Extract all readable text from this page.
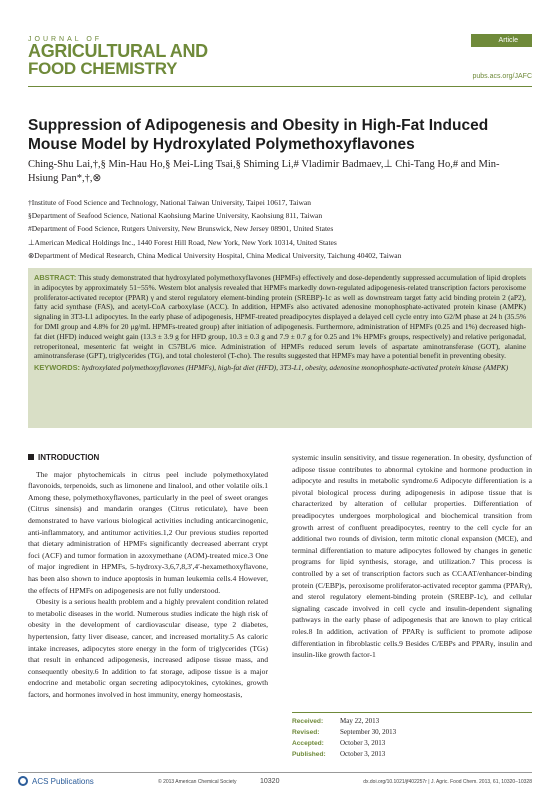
JOURNAL OF
AGRICULTURAL AND
FOOD CHEMISTRY
Article
pubs.acs.org/JAFC
Suppression of Adipogenesis and Obesity in High-Fat Induced Mouse Model by Hydroxylated Polymethoxyflavones
Ching-Shu Lai,†,§ Min-Hau Ho,§ Mei-Ling Tsai,§ Shiming Li,# Vladimir Badmaev,⊥ Chi-Tang Ho,# and Min-Hsiung Pan*,†,⊗
†Institute of Food Science and Technology, National Taiwan University, Taipei 10617, Taiwan
§Department of Seafood Science, National Kaohsiung Marine University, Kaohsiung 811, Taiwan
#Department of Food Science, Rutgers University, New Brunswick, New Jersey 08901, United States
⊥American Medical Holdings Inc., 1440 Forest Hill Road, New York, New York 10314, United States
⊗Department of Medical Research, China Medical University Hospital, China Medical University, Taichung 40402, Taiwan
ABSTRACT: This study demonstrated that hydroxylated polymethoxyflavones (HPMFs) effectively and dose-dependently suppressed accumulation of lipid droplets in adipocytes by approximately 51−55%. Western blot analysis revealed that HPMFs markedly down-regulated adipogenesis-related transcription factors peroxisome proliferator-activated receptor (PPAR) γ and sterol regulatory element-binding protein (SREBP)-1c as well as downstream target fatty acid binding protein 2 (aP2), fatty acid synthase (FAS), and acetyl-CoA carboxylase (ACC). In addition, HPMFs also activated adenosine monophosphate-activated protein kinase (AMPK) signaling in 3T3-L1 adipocytes. In the early phase of adipogenesis, HPMF-treated preadipocytes displayed a delayed cell cycle entry into G2/M phase at 24 h (35.5% for DMI group and 4.8% for 20 μg/mL HPMFs-treated group) after initiation of adipogenesis. Furthermore, administration of HPMFs (0.25 and 1%) decreased high-fat diet (HFD) induced weight gain (13.3 ± 3.9 g for HFD group, 10.3 ± 0.3 g and 7.9 ± 0.7 g for 0.25 and 1% HPMFs groups, respectively) and relative perigonadal, retroperitoneal, mesenteric fat weight in C57BL/6 mice. Administration of HPMFs reduced serum levels of aspartate aminotransferase (GOT), alanine aminotransferase (GPT), triglycerides (TG), and total cholesterol (T-cho). The results suggested that HPMFs may have a potential benefit in preventing obesity.
KEYWORDS: hydroxylated polymethoxyflavones (HPMFs), high-fat diet (HFD), 3T3-L1, obesity, adenosine monophosphate-activated protein kinase (AMPK)
INTRODUCTION

The major phytochemicals in citrus peel include polymethoxylated flavonoids, terpenoids, such as limonene and linalool, and other volatile oils.1 Among these, polymethoxyflavones, particularly in the peel of sweet oranges (Citrus sinensis) and mandarin oranges (Citrus reticulate), have been demonstrated to have various biological activities including anticarcinogenic, anti-inflammatory, and antitumor activities.1,2 Our previous studies reported that dietary administration of HPMFs significantly decreased aberrant crypt foci (ACF) and tumor formation in azoxymethane (AOM)-treated mice.3 One of major ingredient in HPMFs, 5-hydroxy-3,6,7,8,3′,4′-hexamethoxyflavone, has been also shown to induce apoptosis in human leukemia cells.4 However, the effects of HPMFs on adipogenesis are not fully understood.

Obesity is a serious health problem and a highly prevalent condition related to metabolic diseases in the world. Numerous studies indicate the high risk of obesity in the development of cardiovascular disease, type 2 diabetes, hypertension, fatty liver disease, cancer, and increased mortality.5 As caloric intake increases, adipocytes store energy in the form of triglycerides (TGs) that result in enhanced adipogenesis, increased adipose tissue mass, and consequently obesity.6 In addition to fat storage, adipose tissue is a major endocrine and metabolic organ secreting adipocytokines, cytokines, growth factors, and hormones involved in host immunity, energy homeostasis,

systemic insulin sensitivity, and tissue regeneration. In obesity, dysfunction of adipose tissue contributes to abnormal cytokine and hormone production in adipocyte and results in metabolic syndrome.6 Adipocyte differentiation is a pivotal biological process during adipogenesis in adipose tissue that is characterized by alteration of cellular properties. Differentiation of preadipocytes undergoes morphological and biochemical transition from growth arrest of confluent preadipocytes, reentry to the cell cycle for an additional two rounds of division, term mitotic clonal expansion (MCE), and terminal differentiation to mature adipocytes followed by changes in genetic programs for lipid synthesis, storage, and utilization.7 This process is controlled by a set of transcription factors such as CCAAT/enhancer-binding protein (C/EBP)s, peroxisome proliferator-activated receptor gamma (PPARγ), and sterol regulatory element-binding protein (SREBP-1c), and cellular signaling cascade involved in cell cycle and insulin-dependent signaling pathways in the early phase of adipogenesis that are known to play critical roles.8 In addition, activation of PPARγ is sufficient to promote adipose differentiation in fibroblastic cells.9 Besides C/EBPs and PPARγ, insulin and insulin-like growth factor-1

Received:	May 22, 2013
Revised:	September 30, 2013
Accepted:	October 3, 2013
Published:	October 3, 2013
ACS Publications	© 2013 American Chemical Society	10320	dx.doi.org/10.1021/jf402257r | J. Agric. Food Chem. 2013, 61, 10320−10328
